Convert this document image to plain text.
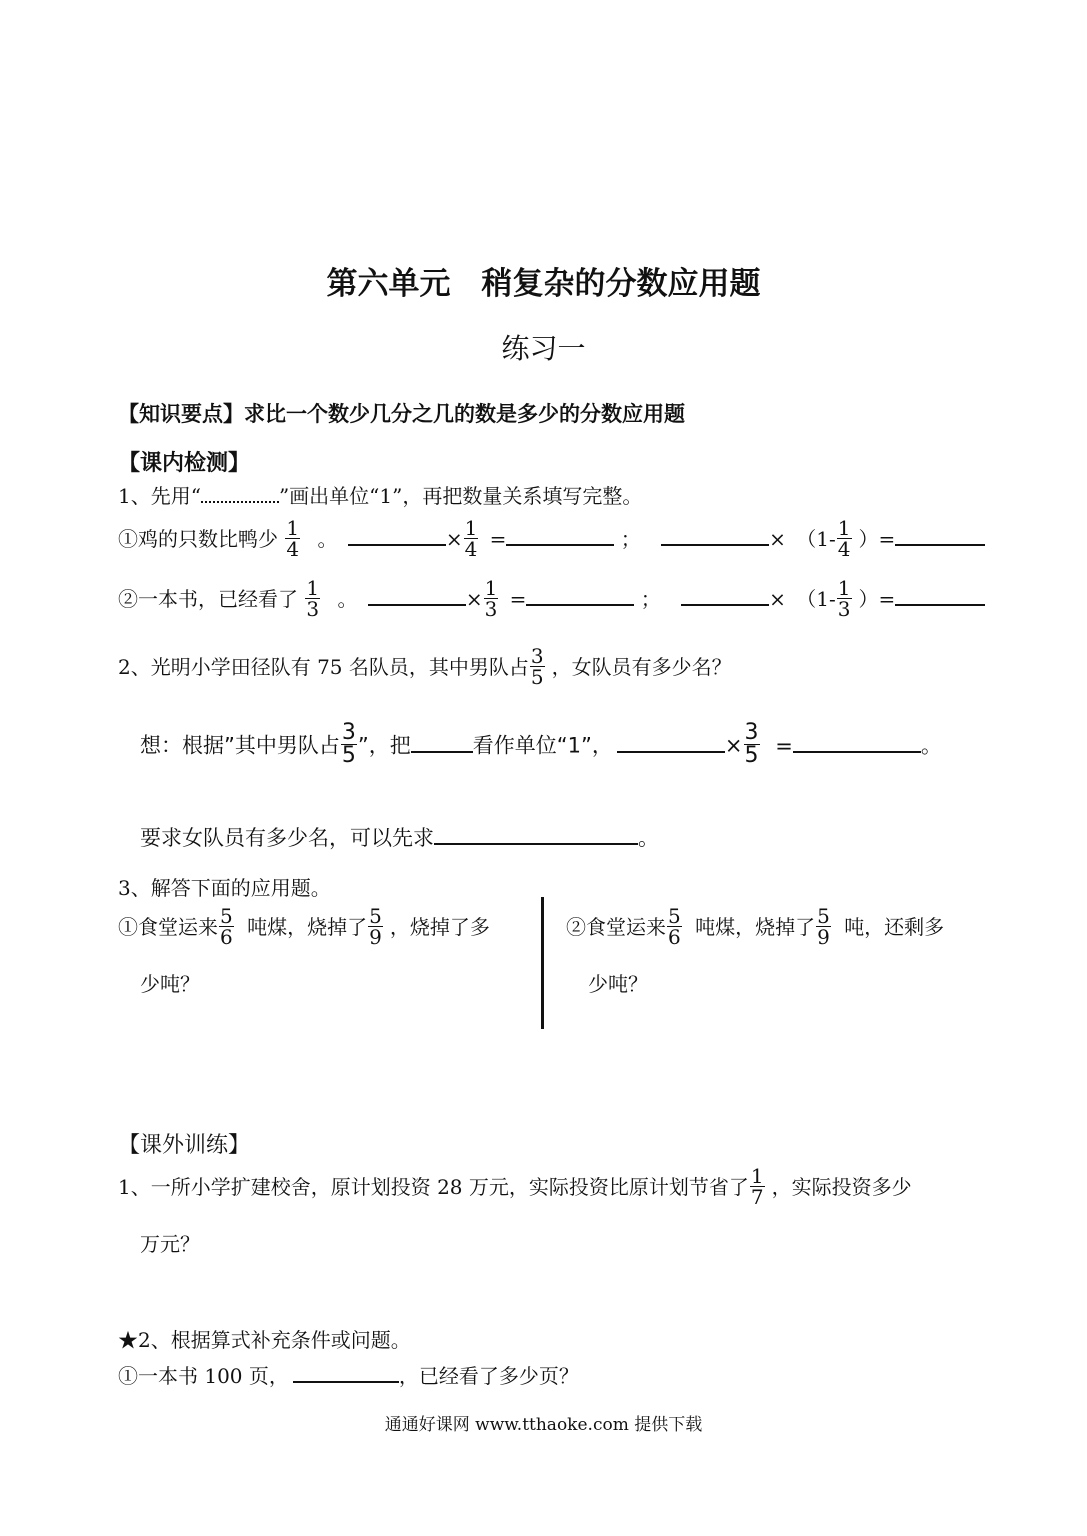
第六单元　稍复杂的分数应用题
练习一
【知识要点】求比一个数少几分之几的数是多少的分数应用题
【课内检测】
1、先用“	”画出单位“1”，再把数量关系填写完整。
①鸡的只数比鸭少 $\frac{1}{4}$ 。	× $\frac{1}{4}$ =	；	× （$1- \frac{1}{4}$ ）=
②一本书，已经看了 $\frac{1}{3}$ 。	× $\frac{1}{3}$ =	；	× （$1- \frac{1}{3}$ ）=
2、光明小学田径队有 75 名队员，其中男队占 $\frac{3}{5}$ ，女队员有多少名？
想：根据”其中男队占 $\frac{3}{5}$ ”，把	看作单位“1”，	× $\frac{3}{5}$ =	。
要求女队员有多少名，可以先求	。
3、解答下面的应用题。
①食堂运来 $\frac{5}{6}$ 吨煤，烧掉了 $\frac{5}{9}$ ，烧掉了多
少吨？
②食堂运来 $\frac{5}{6}$ 吨煤，烧掉了 $\frac{5}{9}$ 吨，还剩多
少吨？
【课外训练】
1、一所小学扩建校舍，原计划投资 28 万元，实际投资比原计划节省了 $\frac{1}{7}$ ，实际投资多少
万元？
★2、根据算式补充条件或问题。
①一本书 100 页，	，已经看了多少页？
通通好课网 www.tthaoke.com 提供下载
